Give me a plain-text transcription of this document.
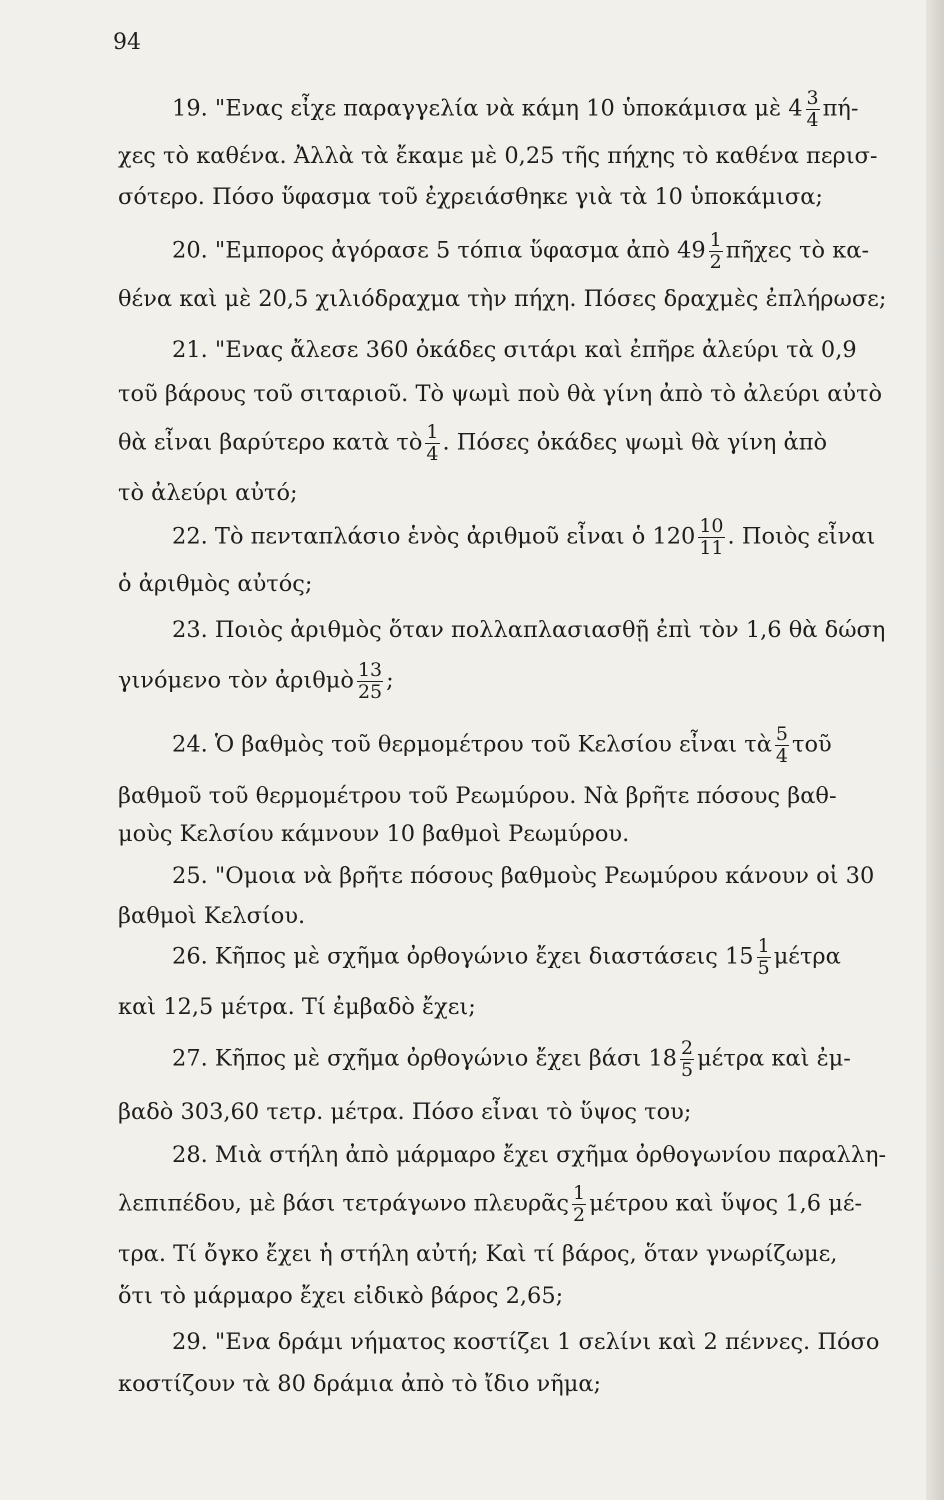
94
19. "Ενας εἶχε παραγγελία νὰ κάμη 10 ὑποκάμισα μὲ $4 \frac{3}{4} \pi ή-$
χες τὸ καθένα. Ἀλλὰ τὰ ἔκαμε μὲ 0,25 τῆς πήχης τὸ καθένα περισ-
σότερο. Πόσο ὕφασμα τοῦ ἐχρειάσθηκε γιὰ τὰ 10 ὑποκάμισα;
20. "Εμπορος ἀγόρασε 5 τόπια ὕφασμα ἀπὸ $49 \frac{1}{2}$ πῆχες τὸ κα-
θένα καὶ μὲ 20,5 χιλιόδραχμα τὴν πήχη. Πόσες δραχμὲς ἐπλήρωσε;
21. "Ενας ἄλεσε 360 ὀκάδες σιτάρι καὶ ἐπῆρε ἀλεύρι τὰ 0,9
τοῦ βάρους τοῦ σιταριοῦ. Τὸ ψωμὶ ποὺ θὰ γίνη ἀπὸ τὸ ἀλεύρι αὐτὸ
θὰ εἶναι βαρύτερο κατὰ τὸ $\frac{1}{4}$ . Πόσες ὀκάδες ψωμὶ θὰ γίνη ἀπὸ
τὸ ἀλεύρι αὐτό;
22. Τὸ πενταπλάσιο ἑνὸς ἀριθμοῦ εἶναι ὁ $120 \frac{10}{11}$ . Ποιὸς εἶναι
ὁ ἀριθμὸς αὐτός;
23. Ποιὸς ἀριθμὸς ὅταν πολλαπλασιασθῇ ἐπὶ τὸν 1,6 θὰ δώση
γινόμενο τὸν ἀριθμὸ $\frac{13}{25}$ ;
24. Ὁ βαθμὸς τοῦ θερμομέτρου τοῦ Κελσίου εἶναι τὰ $\frac{5}{4}$ τοῦ
βαθμοῦ τοῦ θερμομέτρου τοῦ Ρεωμύρου. Νὰ βρῆτε πόσους βαθ-
μοὺς Κελσίου κάμνουν 10 βαθμοὶ Ρεωμύρου.
25. "Ομοια νὰ βρῆτε πόσους βαθμοὺς Ρεωμύρου κάνουν οἱ 30
βαθμοὶ Κελσίου.
26. Κῆπος μὲ σχῆμα ὀρθογώνιο ἔχει διαστάσεις $15 \frac{1}{5}$ μέτρα
καὶ 12,5 μέτρα. Τί ἐμβαδὸ ἔχει;
27. Κῆπος μὲ σχῆμα ὀρθογώνιο ἔχει βάσι $18 \frac{2}{5}$ μέτρα καὶ ἐμ-
βαδὸ 303,60 τετρ. μέτρα. Πόσο εἶναι τὸ ὕψος του;
28. Μιὰ στήλη ἀπὸ μάρμαρο ἔχει σχῆμα ὀρθογωνίου παραλλη-
λεπιπέδου, μὲ βάσι τετράγωνο πλευρᾶς $\frac{1}{2}$ μέτρου καὶ ὕψος 1,6 μέ-
τρα. Τί ὄγκο ἔχει ἡ στήλη αὐτή; Καὶ τί βάρος, ὅταν γνωρίζωμε,
ὅτι τὸ μάρμαρο ἔχει εἰδικὸ βάρος 2,65;
29. "Ενα δράμι νήματος κοστίζει 1 σελίνι καὶ 2 πέννες. Πόσο
κοστίζουν τὰ 80 δράμια ἀπὸ τὸ ἴδιο νῆμα;
